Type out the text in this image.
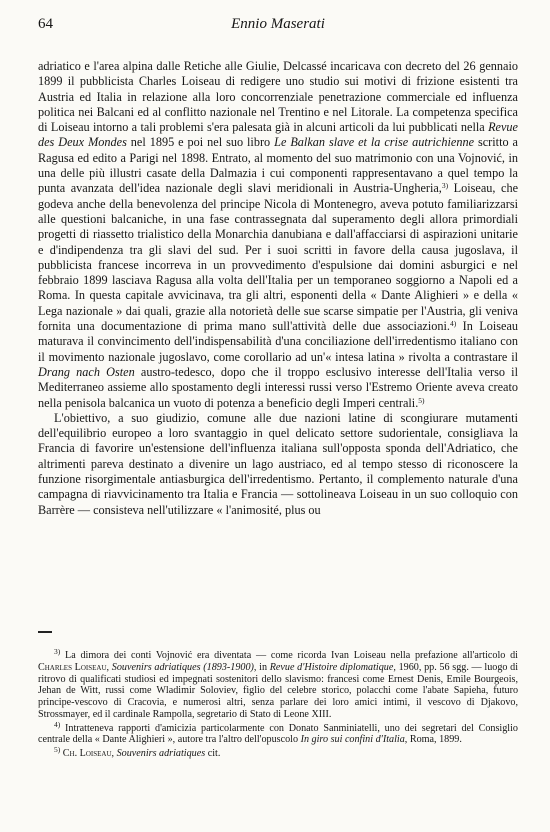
64	Ennio Maserati

adriatico e l'area alpina dalle Retiche alle Giulie, Delcassé incaricava con decreto del 26 gennaio 1899 il pubblicista Charles Loiseau di redigere uno studio sui motivi di frizione esistenti tra Austria ed Italia in relazione alla loro concorrenziale penetrazione commerciale ed influenza politica nei Balcani ed al conflitto nazionale nel Trentino e nel Litorale. La competenza specifica di Loiseau intorno a tali problemi s'era palesata già in alcuni articoli da lui pubblicati nella Revue des Deux Mondes nel 1895 e poi nel suo libro Le Balkan slave et la crise autrichienne scritto a Ragusa ed edito a Parigi nel 1898. Entrato, al momento del suo matrimonio con una Vojnović, in una delle più illustri casate della Dalmazia i cui componenti rappresentavano a quel tempo la punta avanzata dell'idea nazionale degli slavi meridionali in Austria-Ungheria,$^{3)}$ Loiseau, che godeva anche della benevolenza del principe Nicola di Montenegro, aveva potuto familiarizzarsi alle questioni balcaniche, in una fase contrassegnata dal superamento degli allora primordiali progetti di riassetto trialistico della Monarchia danubiana e dall'affacciarsi di aspirazioni unitarie e d'indipendenza tra gli slavi del sud. Per i suoi scritti in favore della causa jugoslava, il pubblicista francese incorreva in un provvedimento d'espulsione dai domini asburgici e nel febbraio 1899 lasciava Ragusa alla volta dell'Italia per un temporaneo soggiorno a Napoli ed a Roma. In questa capitale avvicinava, tra gli altri, esponenti della « Dante Alighieri » e della « Lega nazionale » dai quali, grazie alla notorietà delle sue scarse simpatie per l'Austria, gli veniva fornita una documentazione di prima mano sull'attività delle due associazioni.$^{4)}$ In Loiseau maturava il convincimento dell'indispensabilità d'una conciliazione dell'irredentismo italiano con il movimento nazionale jugoslavo, come corollario ad un'« intesa latina » rivolta a contrastare il Drang nach Osten austro-tedesco, dopo che il troppo esclusivo interesse dell'Italia verso il Mediterraneo assieme allo spostamento degli interessi russi verso l'Estremo Oriente aveva creato nella penisola balcanica un vuoto di potenza a beneficio degli Imperi centrali.$^{5)}$

L'obiettivo, a suo giudizio, comune alle due nazioni latine di scongiurare mutamenti dell'equilibrio europeo a loro svantaggio in quel delicato settore sudorientale, consigliava la Francia di favorire un'estensione dell'influenza italiana sull'opposta sponda dell'Adriatico, che altrimenti pareva destinato a divenire un lago austriaco, ed al tempo stesso di riconoscere la funzione risorgimentale antiasburgica dell'irredentismo. Pertanto, il complemento naturale d'una campagna di riavvicinamento tra Italia e Francia — sottolineava Loiseau in un suo colloquio con Barrère — consisteva nell'utilizzare « l'animosité, plus ou

$^{3)}$ La dimora dei conti Vojnović era diventata — come ricorda Ivan Loiseau nella prefazione all'articolo di Charles Loiseau, Souvenirs adriatiques (1893-1900), in Revue d'Histoire diplomatique, 1960, pp. 56 sgg. — luogo di ritrovo di qualificati studiosi ed impegnati sostenitori dello slavismo: francesi come Ernest Denis, Emile Bourgeois, Jehan de Witt, russi come Wladimir Soloviev, figlio del celebre storico, polacchi come l'abate Sapieha, futuro principe-vescovo di Cracovia, e numerosi altri, senza parlare dei loro amici intimi, il vescovo di Djakovo, Strossmayer, ed il cardinale Rampolla, segretario di Stato di Leone XIII.

$^{4)}$ Intratteneva rapporti d'amicizia particolarmente con Donato Sanminiatelli, uno dei segretari del Consiglio centrale della « Dante Alighieri », autore tra l'altro dell'opuscolo In giro sui confini d'Italia, Roma, 1899.

$^{5)}$ Ch. Loiseau, Souvenirs adriatiques cit.
